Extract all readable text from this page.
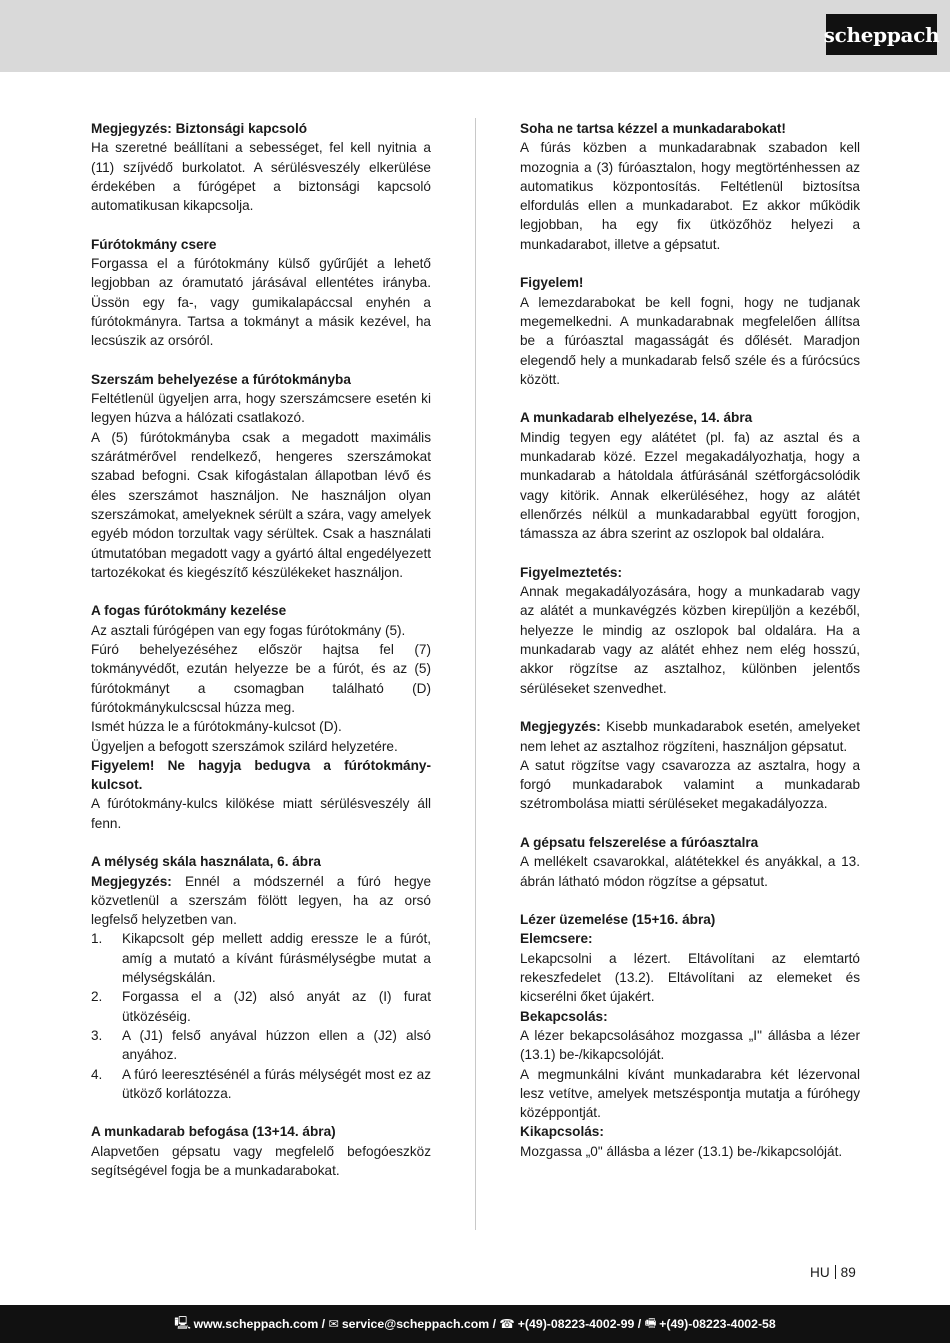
scheppach

Megjegyzés: Biztonsági kapcsoló

Ha szeretné beállítani a sebességet, fel kell nyitnia a (11) szíjvédő burkolatot. A sérülésveszély elkerülése érdekében a fúrógépet a biztonsági kapcsoló automatikusan kikapcsolja.

Fúrótokmány csere

Forgassa el a fúrótokmány külső gyűrűjét a lehető legjobban az óramutató járásával ellentétes irányba. Üssön egy fa-, vagy gumikalapáccsal enyhén a fúrótokmányra. Tartsa a tokmányt a másik kezével, ha lecsúszik az orsóról.

Szerszám behelyezése a fúrótokmányba

Feltétlenül ügyeljen arra, hogy szerszámcsere esetén ki legyen húzva a hálózati csatlakozó.

A (5) fúrótokmányba csak a megadott maximális szárátmérővel rendelkező, hengeres szerszámokat szabad befogni. Csak kifogástalan állapotban lévő és éles szerszámot használjon. Ne használjon olyan szerszámokat, amelyeknek sérült a szára, vagy amelyek egyéb módon torzultak vagy sérültek. Csak a használati útmutatóban megadott vagy a gyártó által engedélyezett tartozékokat és kiegészítő készülékeket használjon.

A fogas fúrótokmány kezelése

Az asztali fúrógépen van egy fogas fúrótokmány (5).

Fúró behelyezéséhez először hajtsa fel (7) tokmányvédőt, ezután helyezze be a fúrót, és az (5) fúrótokmányt a csomagban található (D) fúrótokmánykulcscsal húzza meg.

Ismét húzza le a fúrótokmány-kulcsot (D).

Ügyeljen a befogott szerszámok szilárd helyzetére.

Figyelem! Ne hagyja bedugva a fúrótokmány-kulcsot.

A fúrótokmány-kulcs kilökése miatt sérülésveszély áll fenn.

A mélység skála használata, 6. ábra

Megjegyzés: Ennél a módszernél a fúró hegye közvetlenül a szerszám fölött legyen, ha az orsó legfelső helyzetben van.

1. Kikapcsolt gép mellett addig eressze le a fúrót, amíg a mutató a kívánt fúrásmélységbe mutat a mélységskálán.
2. Forgassa el a (J2) alsó anyát az (I) furat ütközéséig.
3. A (J1) felső anyával húzzon ellen a (J2) alsó anyához.
4. A fúró leeresztésénél a fúrás mélységét most ez az ütköző korlátozza.

A munkadarab befogása (13+14. ábra)

Alapvetően gépsatu vagy megfelelő befogóeszköz segítségével fogja be a munkadarabokat.

Soha ne tartsa kézzel a munkadarabokat!

A fúrás közben a munkadarabnak szabadon kell mozognia a (3) fúróasztalon, hogy megtörténhessen az automatikus központosítás. Feltétlenül biztosítsa elfordulás ellen a munkadarabot. Ez akkor működik legjobban, ha egy fix ütközőhöz helyezi a munkadarabot, illetve a gépsatut.

Figyelem!

A lemezdarabokat be kell fogni, hogy ne tudjanak megemelkedni. A munkadarabnak megfelelően állítsa be a fúróasztal magasságát és dőlését. Maradjon elegendő hely a munkadarab felső széle és a fúrócsúcs között.

A munkadarab elhelyezése, 14. ábra

Mindig tegyen egy alátétet (pl. fa) az asztal és a munkadarab közé. Ezzel megakadályozhatja, hogy a munkadarab a hátoldala átfúrásánál szétforgácsolódik vagy kitörik. Annak elkerüléséhez, hogy az alátét ellenőrzés nélkül a munkadarabbal együtt forogjon, támassza az ábra szerint az oszlopok bal oldalára.

Figyelmeztetés:

Annak megakadályozására, hogy a munkadarab vagy az alátét a munkavégzés közben kirepüljön a kezéből, helyezze le mindig az oszlopok bal oldalára. Ha a munkadarab vagy az alátét ehhez nem elég hosszú, akkor rögzítse az asztalhoz, különben jelentős sérüléseket szenvedhet.

Megjegyzés: Kisebb munkadarabok esetén, amelyeket nem lehet az asztalhoz rögzíteni, használjon gépsatut.

A satut rögzítse vagy csavarozza az asztalra, hogy a forgó munkadarabok valamint a munkadarab szétrombolása miatti sérüléseket megakadályozza.

A gépsatu felszerelése a fúróasztalra

A mellékelt csavarokkal, alátétekkel és anyákkal, a 13. ábrán látható módon rögzítse a gépsatut.

Lézer üzemelése (15+16. ábra)

Elemcsere:

Lekapcsolni a lézert. Eltávolítani az elemtartó rekeszfedelet (13.2). Eltávolítani az elemeket és kicserélni őket újakért.

Bekapcsolás:

A lézer bekapcsolásához mozgassa „I" állásba a lézer (13.1) be-/kikapcsolóját.

A megmunkálni kívánt munkadarabra két lézervonal lesz vetítve, amelyek metszéspontja mutatja a fúróhegy középpontját.

Kikapcsolás:

Mozgassa „0" állásba a lézer (13.1) be-/kikapcsolóját.

HU 89
🖳 www.scheppach.com / ✉ service@scheppach.com / ☎ +(49)-08223-4002-99 / 🖷 +(49)-08223-4002-58
